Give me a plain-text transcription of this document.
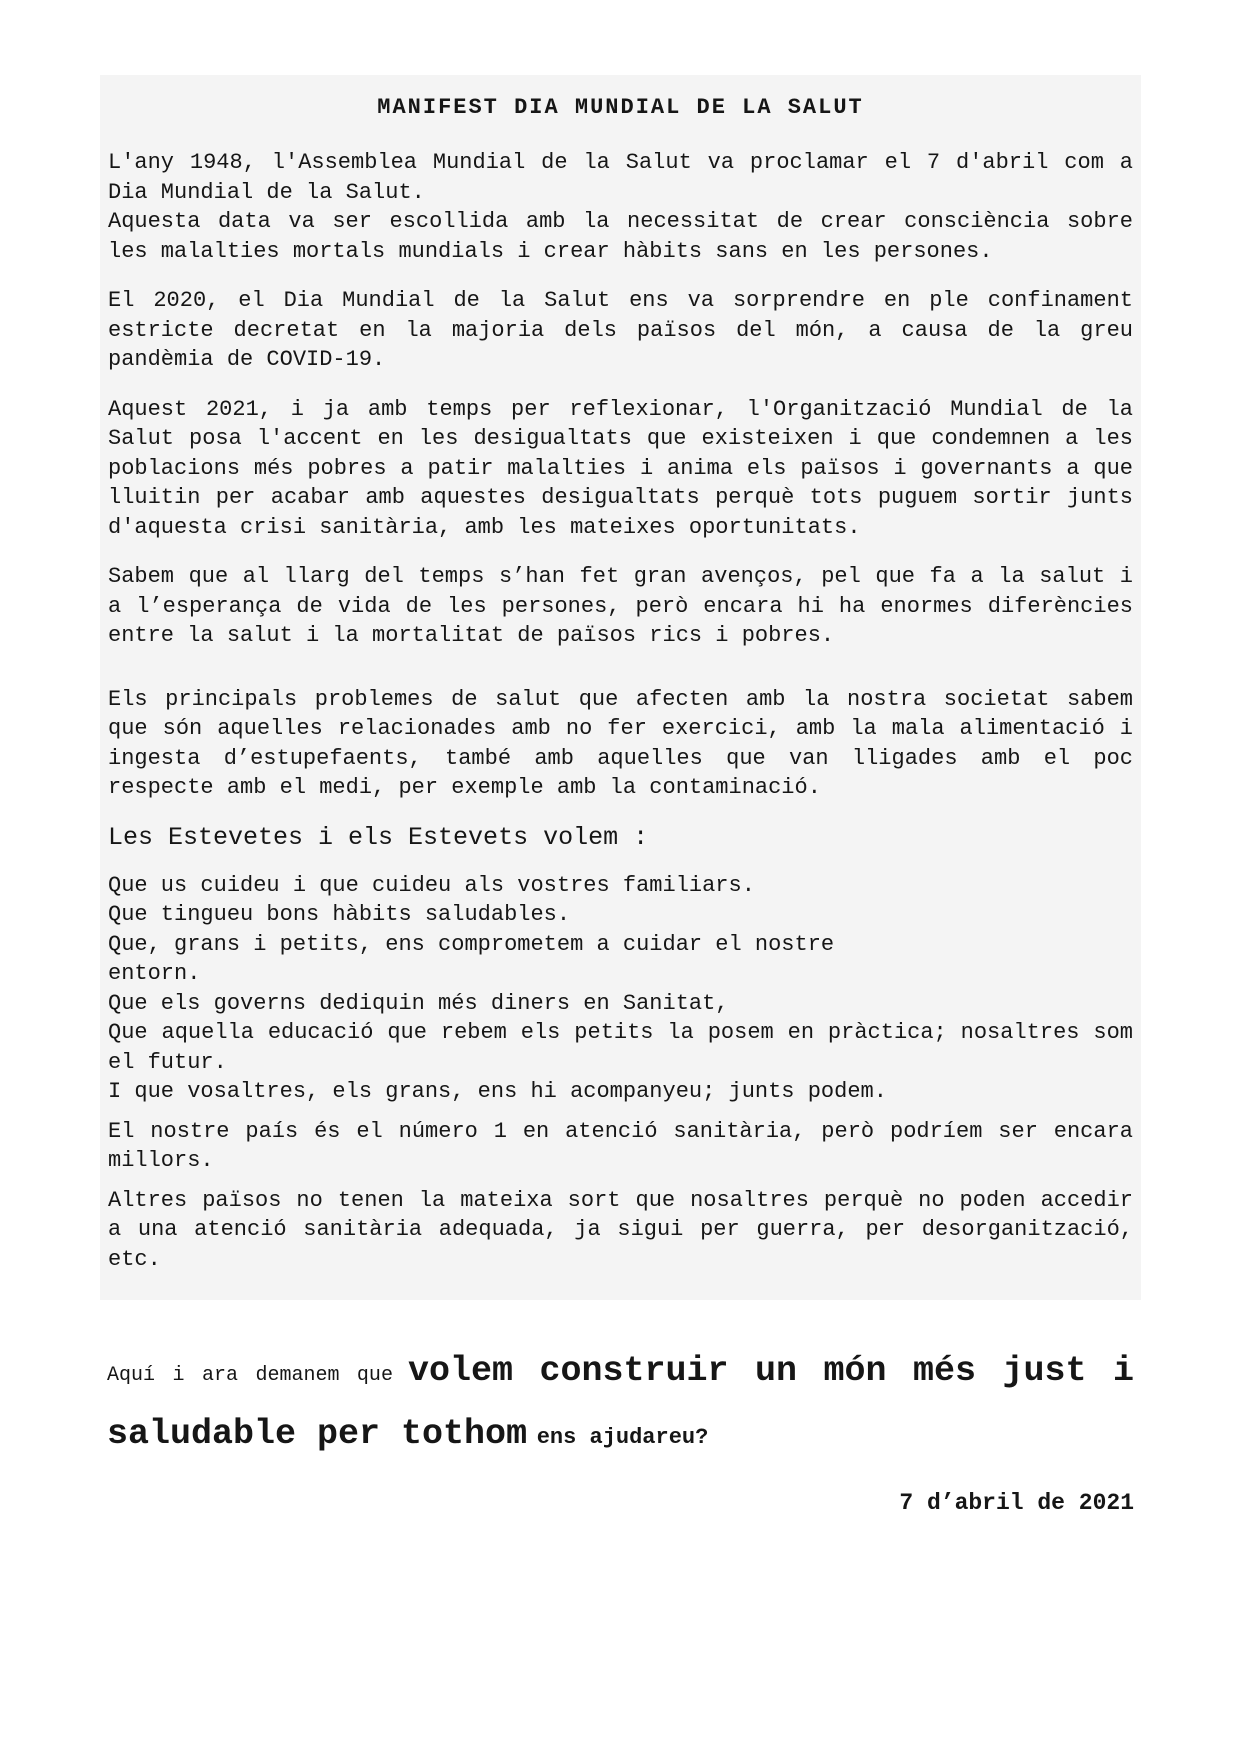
MANIFEST DIA MUNDIAL DE LA SALUT

L'any 1948, l'Assemblea Mundial de la Salut va proclamar el 7 d'abril com a Dia Mundial de la Salut.

Aquesta data va ser escollida amb la necessitat de crear consciència sobre les malalties mortals mundials i crear hàbits sans en les persones.

El 2020, el Dia Mundial de la Salut ens va sorprendre en ple confinament estricte decretat en la majoria dels països del món, a causa de la greu pandèmia de COVID-19.

Aquest 2021, i ja amb temps per reflexionar, l'Organització Mundial de la Salut posa l'accent en les desigualtats que existeixen i que condemnen a les poblacions més pobres a patir malalties i anima els països i governants a que lluitin per acabar amb aquestes desigualtats perquè tots puguem sortir junts d'aquesta crisi sanitària, amb les mateixes oportunitats.

Sabem que al llarg del temps s’han fet gran avenços, pel que fa a la salut i a l’esperança de vida de les persones, però encara hi ha enormes diferències entre la salut i la mortalitat de països rics i pobres.

Els principals problemes de salut que afecten amb la nostra societat sabem que són aquelles relacionades amb no fer exercici, amb la mala alimentació i ingesta d’estupefaents, també amb aquelles que van lligades amb el poc respecte amb el medi, per exemple amb la contaminació.

Les Estevetes i els Estevets volem :

Que us cuideu i que cuideu als vostres familiars.

Que tingueu bons hàbits saludables.

Que, grans i petits, ens comprometem a cuidar el nostre

entorn.

Que els governs dediquin més diners en Sanitat,

Que aquella educació que rebem els petits la posem en pràctica; nosaltres som el futur.

I que vosaltres, els grans, ens hi acompanyeu; junts podem.

El nostre país és el número 1 en atenció sanitària, però podríem ser encara millors.

Altres països no tenen la mateixa sort que nosaltres perquè no poden accedir a una atenció sanitària adequada, ja sigui per guerra, per desorganització, etc.

Aquí i ara demanem que volem construir un món més just i saludable per tothom ens ajudareu?

7 d’abril de 2021
